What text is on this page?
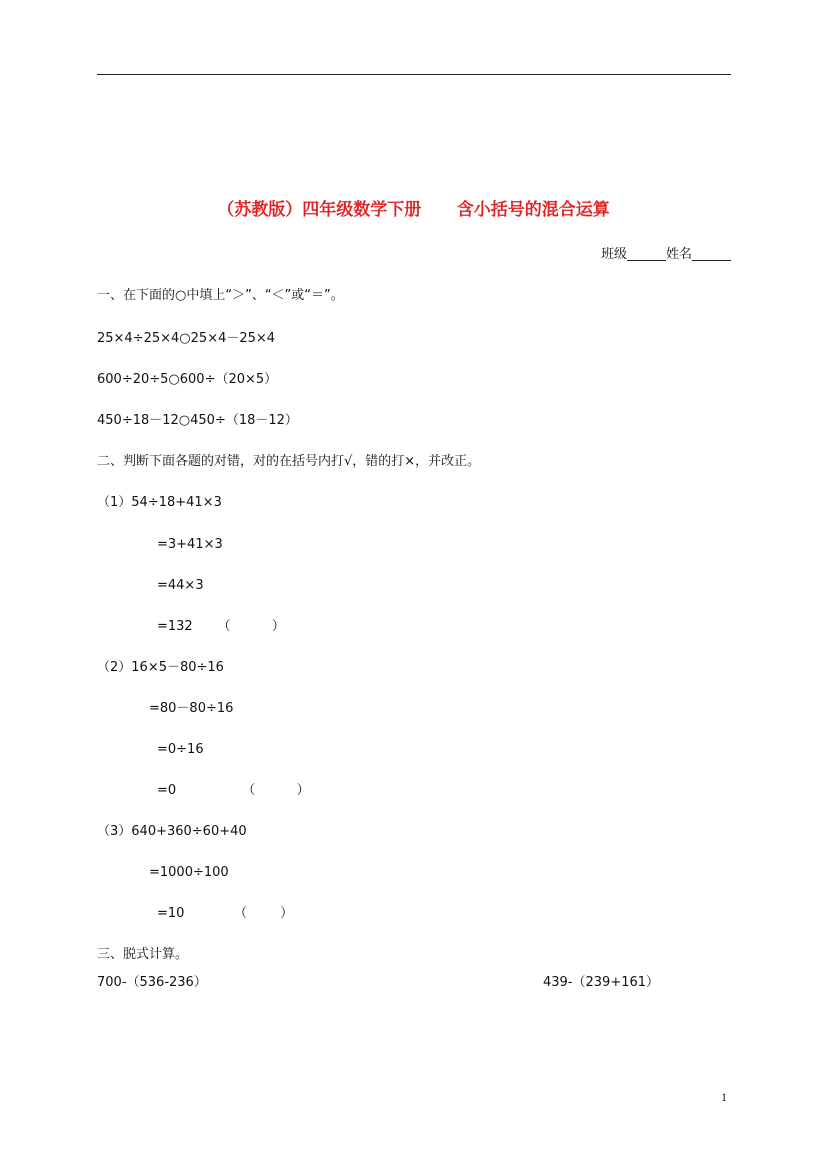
（苏教版）四年级数学下册      含小括号的混合运算
班级______姓名______
一、在下面的○中填上“＞”、“＜”或“＝”。
25×4÷25×4○25×4－25×4
600÷20÷5○600÷（20×5）
450÷18－12○450÷（18－12）
二、判断下面各题的对错，对的在括号内打√，错的打×，并改正。
（1）54÷18+41×3
=3+41×3
=44×3
=132      （          ）
（2）16×5－80÷16
=80－80÷16
=0÷16
=0                （          ）
（3）640+360÷60+40
=1000÷100
=10            （        ）
三、脱式计算。
700-（536-236）	439-（239+161）
1
